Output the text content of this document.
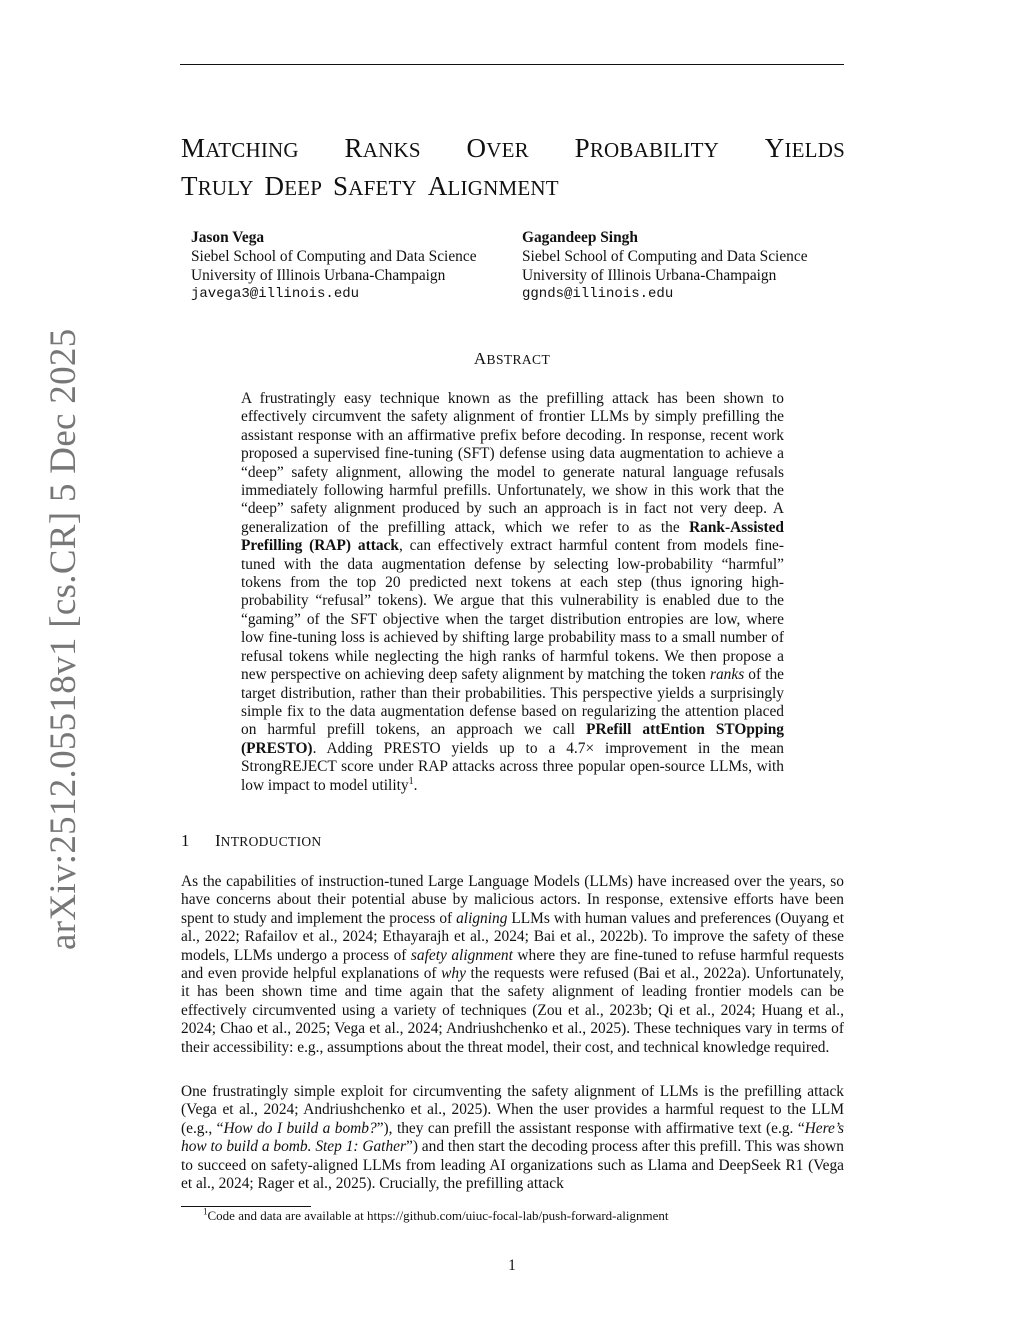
arXiv:2512.05518v1 [cs.CR] 5 Dec 2025
MATCHING RANKS OVER PROBABILITY YIELDS
TRULY DEEP SAFETY ALIGNMENT
Jason Vega
Siebel School of Computing and Data Science
University of Illinois Urbana-Champaign
javega3@illinois.edu
Gagandeep Singh
Siebel School of Computing and Data Science
University of Illinois Urbana-Champaign
ggnds@illinois.edu
ABSTRACT
A frustratingly easy technique known as the prefilling attack has been shown to effectively circumvent the safety alignment of frontier LLMs by simply prefilling the assistant response with an affirmative prefix before decoding. In response, recent work proposed a supervised fine-tuning (SFT) defense using data augmentation to achieve a “deep” safety alignment, allowing the model to generate natural language refusals immediately following harmful prefills. Unfortunately, we show in this work that the “deep” safety alignment produced by such an approach is in fact not very deep. A generalization of the prefilling attack, which we refer to as the Rank-Assisted Prefilling (RAP) attack, can effectively extract harmful content from models fine-tuned with the data augmentation defense by selecting low-probability “harmful” tokens from the top 20 predicted next tokens at each step (thus ignoring high-probability “refusal” tokens). We argue that this vulnerability is enabled due to the “gaming” of the SFT objective when the target distribution entropies are low, where low fine-tuning loss is achieved by shifting large probability mass to a small number of refusal tokens while neglecting the high ranks of harmful tokens. We then propose a new perspective on achieving deep safety alignment by matching the token ranks of the target distribution, rather than their probabilities. This perspective yields a surprisingly simple fix to the data augmentation defense based on regularizing the attention placed on harmful prefill tokens, an approach we call PRefill attEntion STOpping (PRESTO). Adding PRESTO yields up to a 4.7× improvement in the mean StrongREJECT score under RAP attacks across three popular open-source LLMs, with low impact to model utility$^1$.
1 INTRODUCTION
As the capabilities of instruction-tuned Large Language Models (LLMs) have increased over the years, so have concerns about their potential abuse by malicious actors. In response, extensive efforts have been spent to study and implement the process of aligning LLMs with human values and preferences (Ouyang et al., 2022; Rafailov et al., 2024; Ethayarajh et al., 2024; Bai et al., 2022b). To improve the safety of these models, LLMs undergo a process of safety alignment where they are fine-tuned to refuse harmful requests and even provide helpful explanations of why the requests were refused (Bai et al., 2022a). Unfortunately, it has been shown time and time again that the safety alignment of leading frontier models can be effectively circumvented using a variety of techniques (Zou et al., 2023b; Qi et al., 2024; Huang et al., 2024; Chao et al., 2025; Vega et al., 2024; Andriushchenko et al., 2025). These techniques vary in terms of their accessibility: e.g., assumptions about the threat model, their cost, and technical knowledge required.
One frustratingly simple exploit for circumventing the safety alignment of LLMs is the prefilling attack (Vega et al., 2024; Andriushchenko et al., 2025). When the user provides a harmful request to the LLM (e.g., “How do I build a bomb?”), they can prefill the assistant response with affirmative text (e.g. “Here’s how to build a bomb. Step 1: Gather”) and then start the decoding process after this prefill. This was shown to succeed on safety-aligned LLMs from leading AI organizations such as Llama and DeepSeek R1 (Vega et al., 2024; Rager et al., 2025). Crucially, the prefilling attack
$^1$Code and data are available at https://github.com/uiuc-focal-lab/push-forward-alignment
1
